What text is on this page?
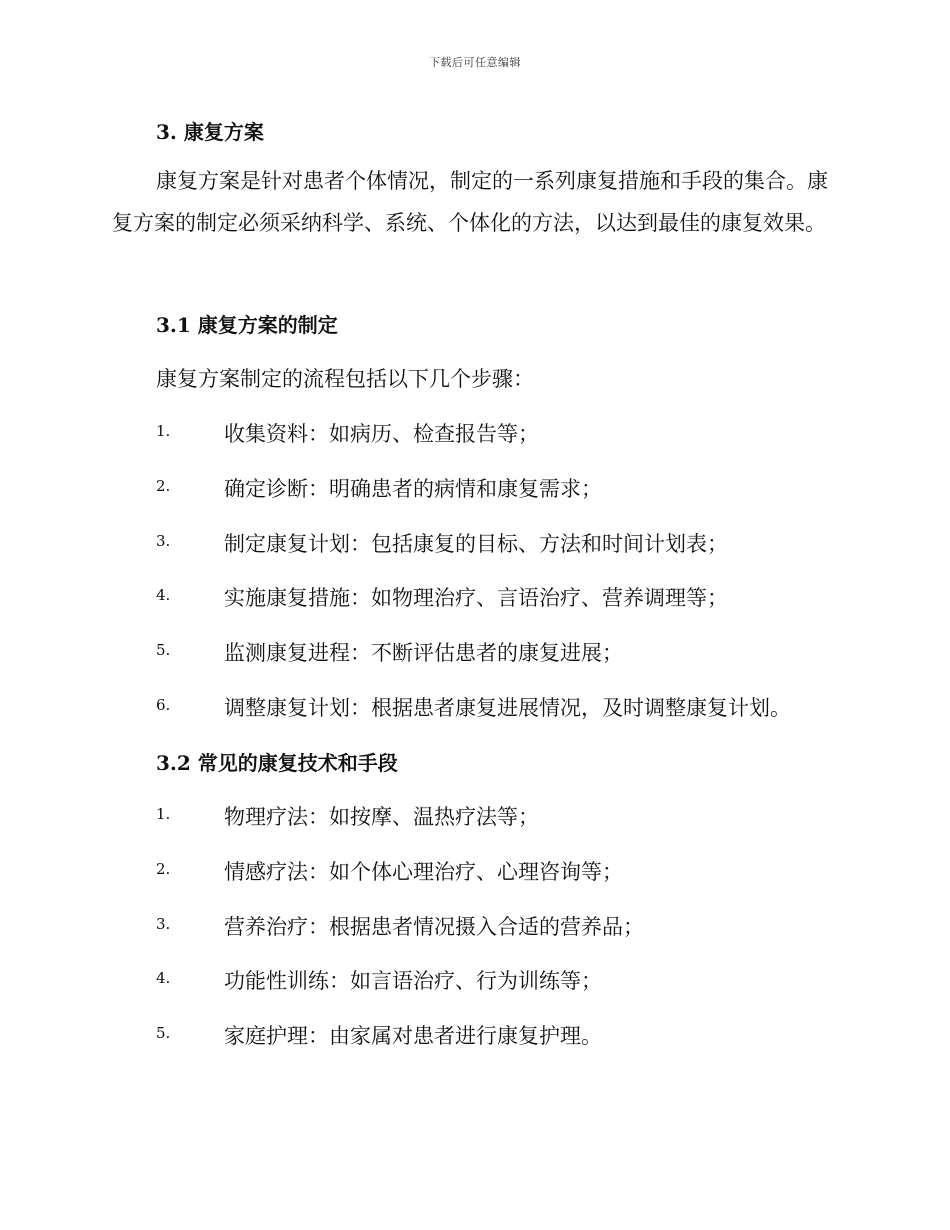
下载后可任意编辑
3. 康复方案
康复方案是针对患者个体情况，制定的一系列康复措施和手段的集合。康复方案的制定必须采纳科学、系统、个体化的方法，以达到最佳的康复效果。
3.1 康复方案的制定
康复方案制定的流程包括以下几个步骤：
1.	收集资料：如病历、检查报告等；
2.	确定诊断：明确患者的病情和康复需求；
3.	制定康复计划：包括康复的目标、方法和时间计划表；
4.	实施康复措施：如物理治疗、言语治疗、营养调理等；
5.	监测康复进程：不断评估患者的康复进展；
6.	调整康复计划：根据患者康复进展情况，及时调整康复计划。
3.2 常见的康复技术和手段
1.	物理疗法：如按摩、温热疗法等；
2.	情感疗法：如个体心理治疗、心理咨询等；
3.	营养治疗：根据患者情况摄入合适的营养品；
4.	功能性训练：如言语治疗、行为训练等；
5.	家庭护理：由家属对患者进行康复护理。
